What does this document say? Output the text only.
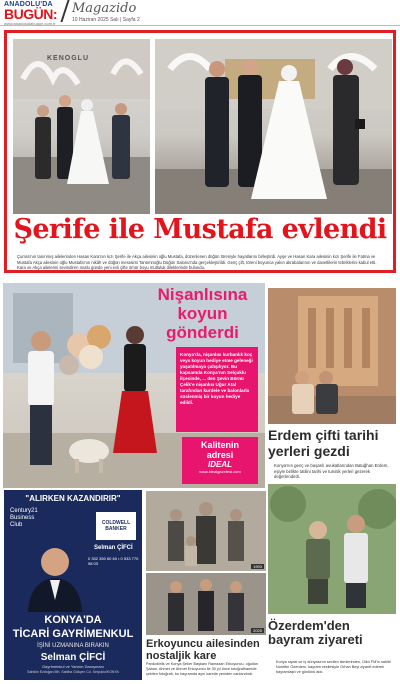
ANADOLU'DA
BUGÜN:
www.anadoludabugun.com.tr
Magazido
10 Haziran 2025 Salı | Sayfa 2
KENOGLU
Şerife ile Mustafa evlendi
Çumra'nın tanınmış ailelerinden Hasan Kara'nın kızı Şerife ile Akça ailesinin oğlu Mustafa, düzenlenen düğün töreniyle hayatlarını birleştirdi. Ayşe ve Hasan Kara ailesinin kızı Şerife ile Fatma ve Mustafa Akça ailesinin oğlu Mustafa'nın nikâh ve düğün merasimi Tantımnoğlu Düğün Salonu'nda gerçekleştirildi. Genç çift, töreni boyunca yakın akrabalarının ve davetlilerin tebriklerini kabul etti. Kara ve Akça ailelerini sevindiren mutlu günde yeni evli çifte ömür boyu mutluluk dileklerinde bulundu.
Nişanlısına koyun gönderdi
Konya'da, nişanlısı kurbanlık koç veya koyun hediye etme geleneği yaşatılmaya çalışılıyor. Bu kapsamda Konya'nın Selçuklu ilçesinde, ... den Şevin Börnü Çelik'e nişanlısı Uğur Atal tarafından kurdele ve balonlarla süslenmiş bir koyun hediye edildi.
Kalitenin
adresi
IDEAL
www.idealgazetesi.com
Erdem çifti tarihi yerleri gezdi
Konya'nın genç ve başarılı avukatlarından Batuğhan Erdem, eşiyle birlikte tatilini tarihi ve turistik yerleri gezerek değerlendirdi.
"ALIRKEN KAZANDIRIR"
Century21
Business
Club	COLDWELL
BANKER
Selman ÇİFCİ
0 332 350 60 60 • 0 533 770 98 03
KONYA'DA
TİCARİ GAYRİMENKUL
İŞİNİ UZMANINA BIRAKIN
Selman ÇİFCİ
Gayrimenkul ve Yatırım Danışmanı
Sahibin Ezdoğan Mh. Sabiha Gökçen Cd. Selçuklu/KONYA
1993
2025
Erkoyuncu ailesinden nostaljik kare
Pankobirlik ve Konya Şeker Başkanı Ramazan Erkoyuncu, oğulları Şaban, Ahmet ve Ahmet Erkoyuncu ile 30 yıl önce fotoğrafhanede çekilen fotoğrafı, bu bayramda aynı karede yeniden canlandırdı.
Özerdem'den bayram ziyareti
Konya siyasi ve iş dünyasının sevilen isimlerinden, Ülkü FM'in sahibi Nurettin Özerdem, bayram vesilesiyle Orhan Beyi ziyaret ederek bayramlaştı ve gönlünü aldı.
